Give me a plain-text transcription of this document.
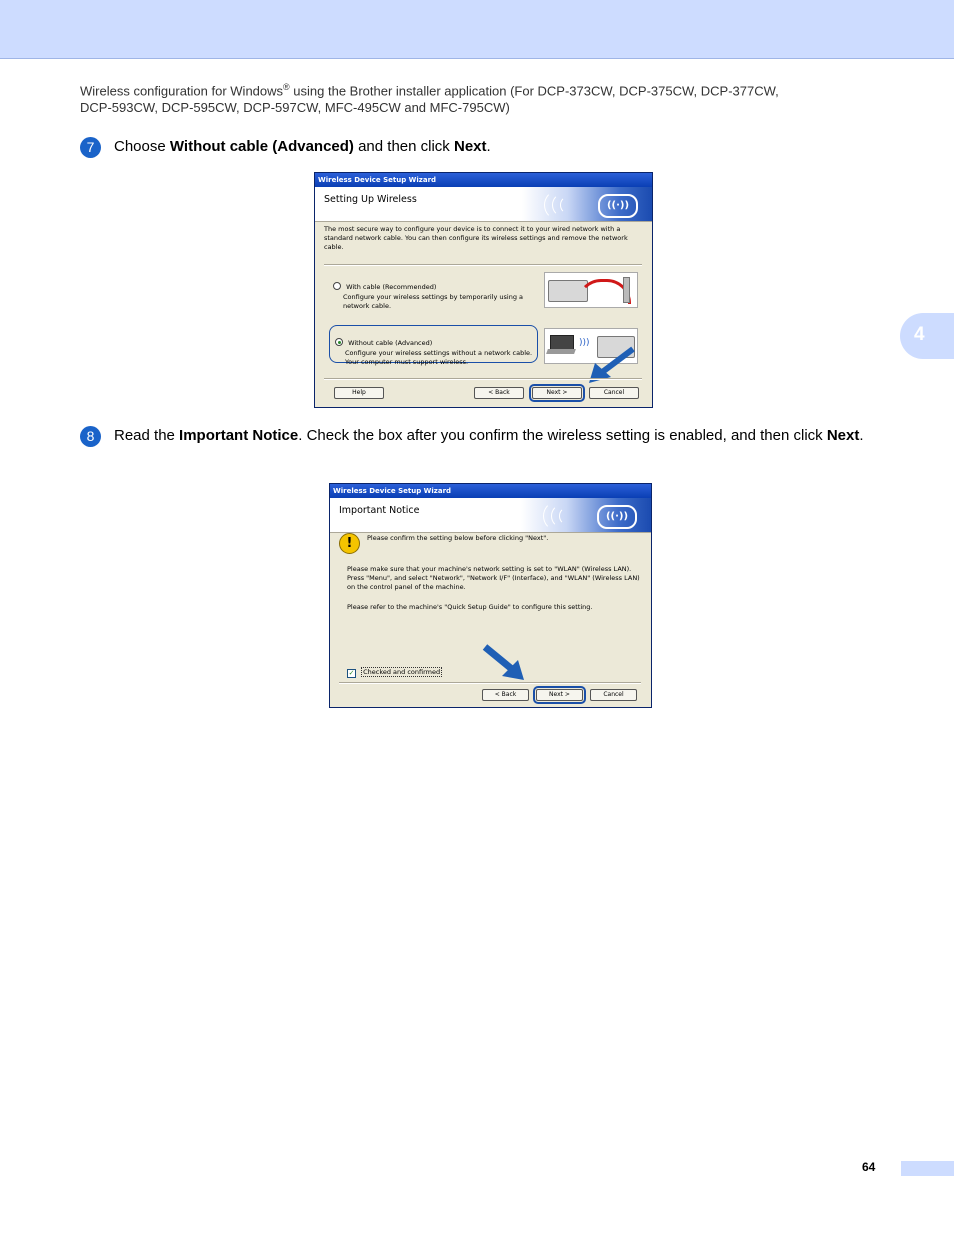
Wireless configuration for Windows® using the Brother installer application (For DCP-373CW, DCP-375CW, DCP-377CW,
DCP-593CW, DCP-595CW, DCP-597CW, MFC-495CW and MFC-795CW)
4
7	Choose Without cable (Advanced) and then click Next.
Wireless Device Setup Wizard
Setting Up Wireless
((·))
The most secure way to configure your device is to connect it to your wired network with a standard network cable. You can then configure its wireless settings and remove the network cable.
With cable (Recommended)
Configure your wireless settings by temporarily using a network cable.
Without cable (Advanced)
Configure your wireless settings without a network cable. Your computer must support wireless.
)))
Help	< Back	Next >	Cancel
8	Read the Important Notice. Check the box after you confirm the wireless setting is enabled, and then click Next.
Wireless Device Setup Wizard
Important Notice
((·))
!	Please confirm the setting below before clicking "Next".
Please make sure that your machine's network setting is set to "WLAN" (Wireless LAN). Press "Menu", and select "Network", "Network I/F" (Interface), and "WLAN" (Wireless LAN) on the control panel of the machine.
Please refer to the machine's "Quick Setup Guide" to configure this setting.
✓ Checked and confirmed
< Back	Next >	Cancel
64
